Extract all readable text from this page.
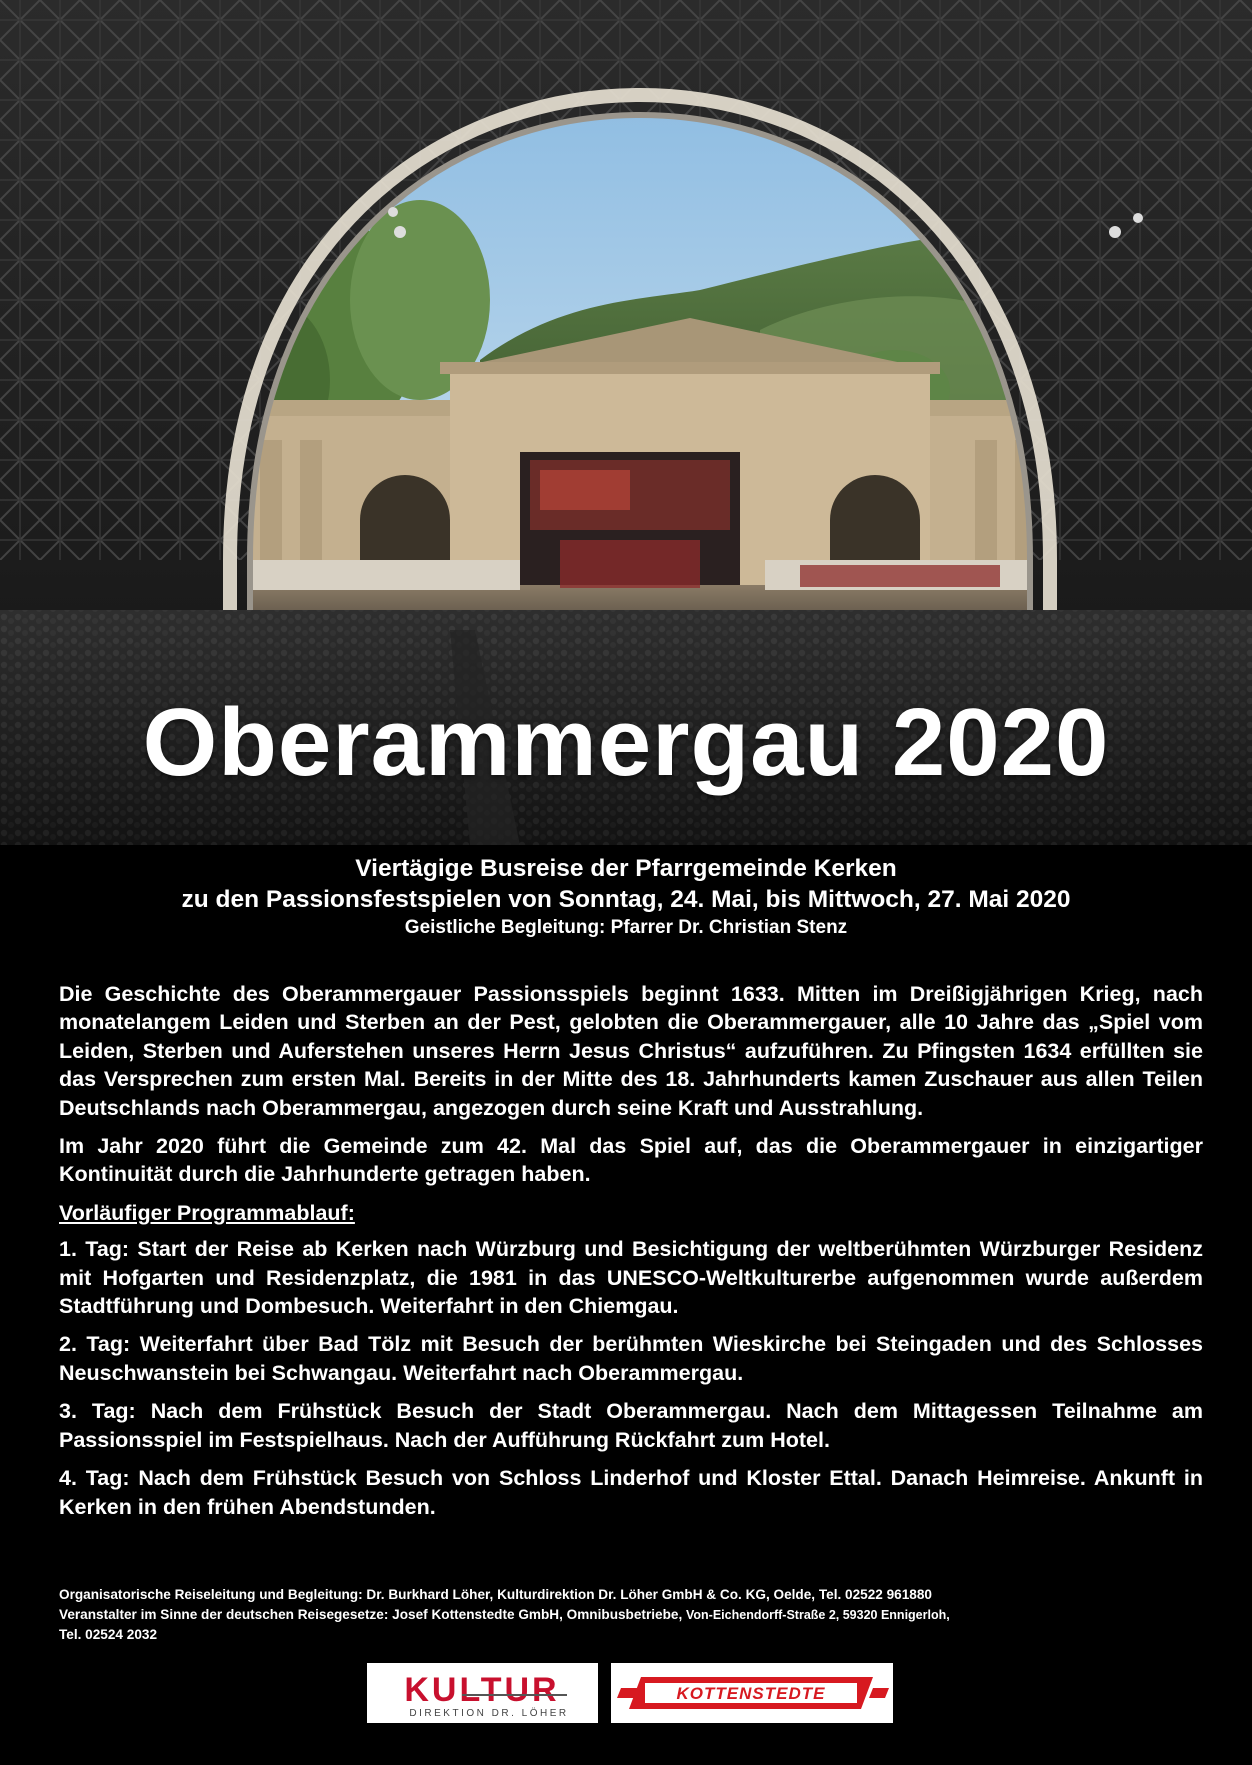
Oberammergau 2020
Viertägige Busreise der Pfarrgemeinde Kerken
zu den Passionsfestspielen von Sonntag, 24. Mai, bis Mittwoch, 27. Mai 2020
Geistliche Begleitung: Pfarrer Dr. Christian Stenz

Die Geschichte des Oberammergauer Passionsspiels beginnt 1633. Mitten im Dreißigjährigen Krieg, nach monatelangem Leiden und Sterben an der Pest, gelobten die Oberammergauer, alle 10 Jahre das „Spiel vom Leiden, Sterben und Auferstehen unseres Herrn Jesus Christus“ aufzuführen. Zu Pfingsten 1634 erfüllten sie das Versprechen zum ersten Mal. Bereits in der Mitte des 18. Jahrhunderts kamen Zuschauer aus allen Teilen Deutschlands nach Oberammergau, angezogen durch seine Kraft und Ausstrahlung.

Im Jahr 2020 führt die Gemeinde zum 42. Mal das Spiel auf, das die Oberammergauer in einzigartiger Kontinuität durch die Jahrhunderte getragen haben.

Vorläufiger Programmablauf:

1. Tag: Start der Reise ab Kerken nach Würzburg und Besichtigung der weltberühmten Würzburger Residenz mit Hofgarten und Residenzplatz, die 1981 in das UNESCO-Weltkulturerbe aufgenommen wurde außerdem Stadtführung und Dombesuch. Weiterfahrt in den Chiemgau.

2. Tag: Weiterfahrt über Bad Tölz mit Besuch der berühmten Wieskirche bei Steingaden und des Schlosses Neuschwanstein bei Schwangau. Weiterfahrt nach Oberammergau.

3. Tag: Nach dem Frühstück Besuch der Stadt Oberammergau. Nach dem Mittagessen Teilnahme am Passionsspiel im Festspielhaus. Nach der Aufführung Rückfahrt zum Hotel.

4. Tag: Nach dem Frühstück Besuch von Schloss Linderhof und Kloster Ettal. Danach Heimreise. Ankunft in Kerken in den frühen Abendstunden.

Organisatorische Reiseleitung und Begleitung: Dr. Burkhard Löher, Kulturdirektion Dr. Löher GmbH & Co. KG, Oelde, Tel. 02522 961880
Veranstalter im Sinne der deutschen Reisegesetze: Josef Kottenstedte GmbH, Omnibusbetriebe, Von-Eichendorff-Straße 2, 59320 Ennigerloh,
Tel. 02524 2032
KULTUR
DIREKTION DR. LÖHER
KOTTENSTEDTE
